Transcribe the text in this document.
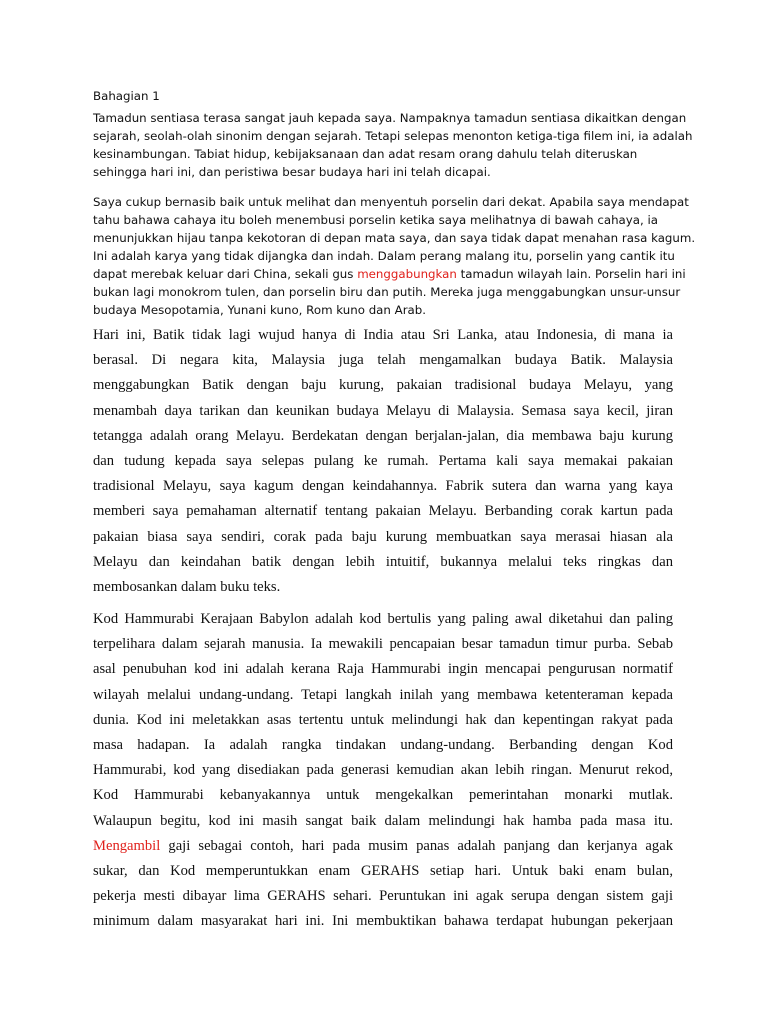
Bahagian 1

Tamadun sentiasa terasa sangat jauh kepada saya. Nampaknya tamadun sentiasa dikaitkan dengan
sejarah, seolah-olah sinonim dengan sejarah. Tetapi selepas menonton ketiga-tiga filem ini, ia adalah
kesinambungan. Tabiat hidup, kebijaksanaan dan adat resam orang dahulu telah diteruskan
sehingga hari ini, dan peristiwa besar budaya hari ini telah dicapai.

Saya cukup bernasib baik untuk melihat dan menyentuh porselin dari dekat. Apabila saya mendapat
tahu bahawa cahaya itu boleh menembusi porselin ketika saya melihatnya di bawah cahaya, ia
menunjukkan hijau tanpa kekotoran di depan mata saya, dan saya tidak dapat menahan rasa kagum.
Ini adalah karya yang tidak dijangka dan indah. Dalam perang malang itu, porselin yang cantik itu
dapat merebak keluar dari China, sekali gus menggabungkan tamadun wilayah lain. Porselin hari ini
bukan lagi monokrom tulen, dan porselin biru dan putih. Mereka juga menggabungkan unsur-unsur
budaya Mesopotamia, Yunani kuno, Rom kuno dan Arab.

Hari ini, Batik tidak lagi wujud hanya di India atau Sri Lanka, atau Indonesia, di mana ia
berasal. Di negara kita, Malaysia juga telah mengamalkan budaya Batik. Malaysia
menggabungkan Batik dengan baju kurung, pakaian tradisional budaya Melayu, yang
menambah daya tarikan dan keunikan budaya Melayu di Malaysia. Semasa saya kecil, jiran
tetangga adalah orang Melayu. Berdekatan dengan berjalan-jalan, dia membawa baju kurung
dan tudung kepada saya selepas pulang ke rumah. Pertama kali saya memakai pakaian
tradisional Melayu, saya kagum dengan keindahannya. Fabrik sutera dan warna yang kaya
memberi saya pemahaman alternatif tentang pakaian Melayu. Berbanding corak kartun pada
pakaian biasa saya sendiri, corak pada baju kurung membuatkan saya merasai hiasan ala
Melayu dan keindahan batik dengan lebih intuitif, bukannya melalui teks ringkas dan
membosankan dalam buku teks.

Kod Hammurabi Kerajaan Babylon adalah kod bertulis yang paling awal diketahui dan paling
terpelihara dalam sejarah manusia. Ia mewakili pencapaian besar tamadun timur purba. Sebab
asal penubuhan kod ini adalah kerana Raja Hammurabi ingin mencapai pengurusan normatif
wilayah melalui undang-undang. Tetapi langkah inilah yang membawa ketenteraman kepada
dunia. Kod ini meletakkan asas tertentu untuk melindungi hak dan kepentingan rakyat pada
masa hadapan. Ia adalah rangka tindakan undang-undang. Berbanding dengan Kod
Hammurabi, kod yang disediakan pada generasi kemudian akan lebih ringan. Menurut rekod,
Kod Hammurabi kebanyakannya untuk mengekalkan pemerintahan monarki mutlak.
Walaupun begitu, kod ini masih sangat baik dalam melindungi hak hamba pada masa itu.
Mengambil gaji sebagai contoh, hari pada musim panas adalah panjang dan kerjanya agak
sukar, dan Kod memperuntukkan enam GERAHS setiap hari. Untuk baki enam bulan,
pekerja mesti dibayar lima GERAHS sehari. Peruntukan ini agak serupa dengan sistem gaji
minimum dalam masyarakat hari ini. Ini membuktikan bahawa terdapat hubungan pekerjaan
